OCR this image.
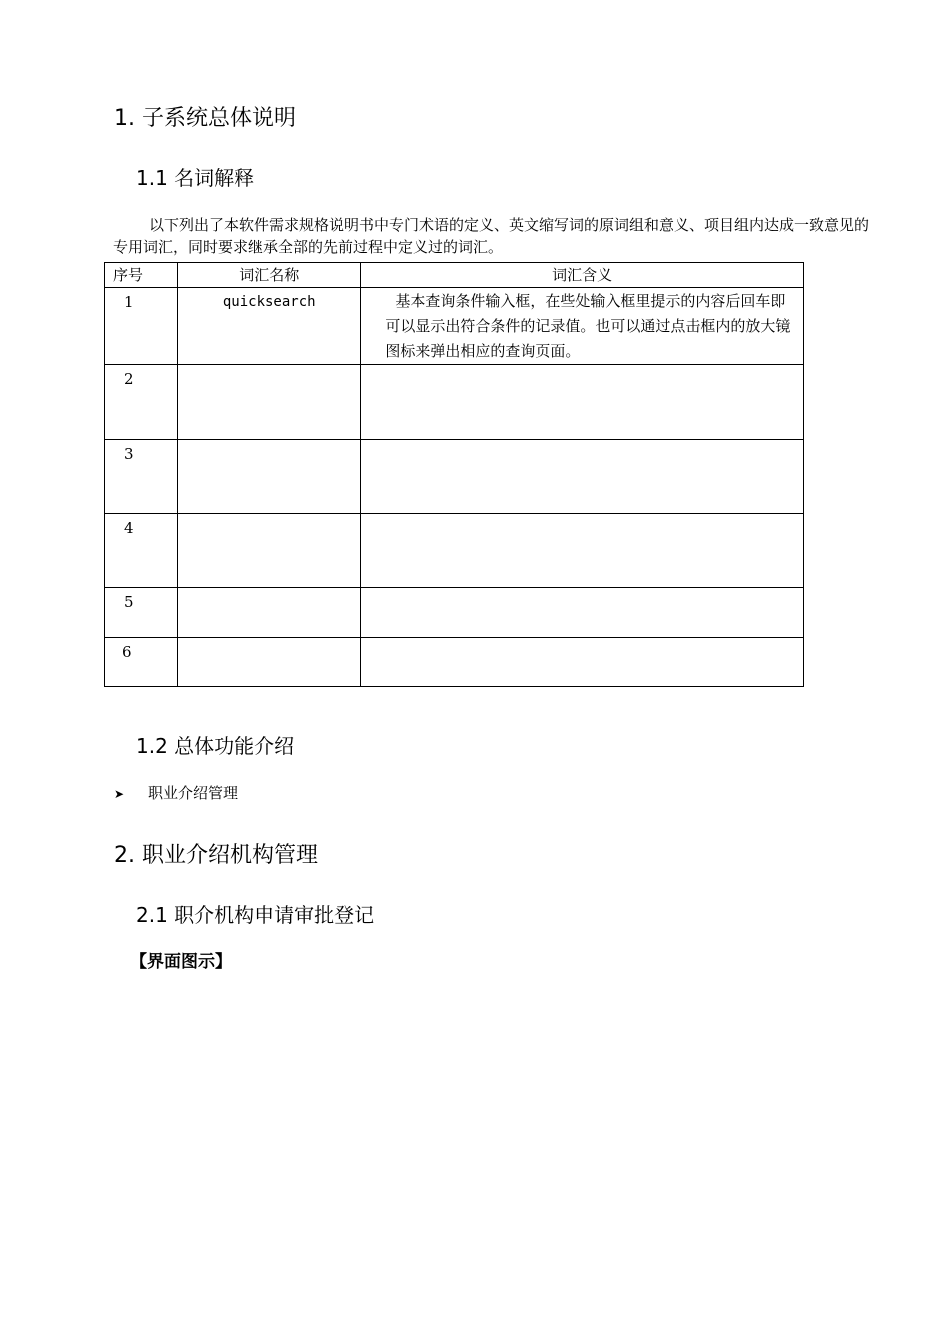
1. 子系统总体说明
1.1 名词解释

以下列出了本软件需求规格说明书中专门术语的定义、英文缩写词的原词组和意义、项目组内达成一致意见的专用词汇，同时要求继承全部的先前过程中定义过的词汇。

序号	词汇名称	词汇含义
1	quicksearch	基本查询条件输入框，在些处输入框里提示的内容后回车即可以显示出符合条件的记录值。也可以通过点击框内的放大镜图标来弹出相应的查询页面。
2		
3		
4		
5		
6		
1.2 总体功能介绍
➤ 职业介绍管理
2. 职业介绍机构管理
2.1 职介机构申请审批登记
【界面图示】
